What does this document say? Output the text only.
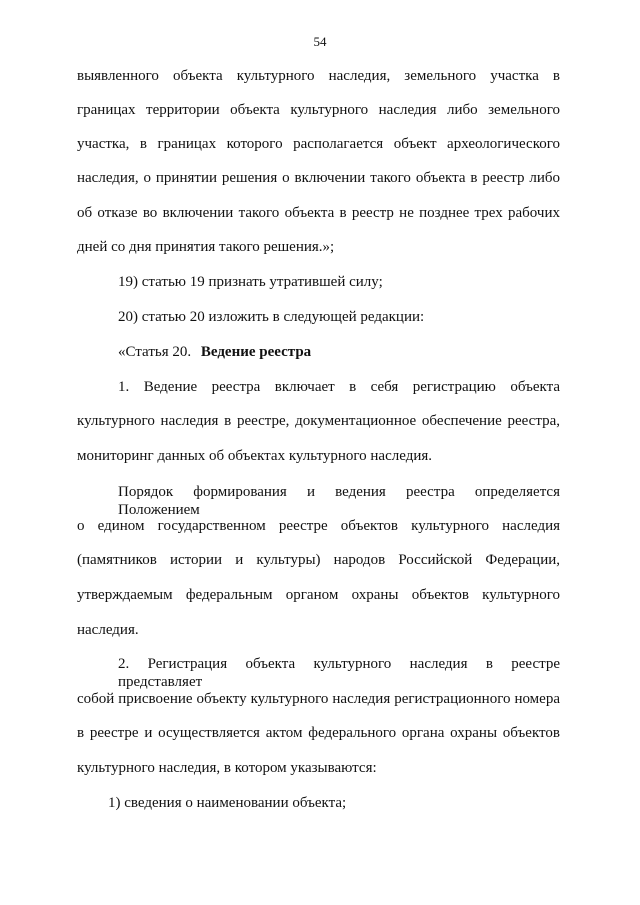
54
выявленного объекта культурного наследия, земельного участка в
границах территории объекта культурного наследия либо земельного
участка, в границах которого располагается объект археологического
наследия, о принятии решения о включении такого объекта в реестр либо
об отказе во включении такого объекта в реестр не позднее трех рабочих
дней со дня принятия такого решения.»;
19) статью 19 признать утратившей силу;
20) статью 20 изложить в следующей редакции:
«Статья 20. Ведение реестра
1. Ведение реестра включает в себя регистрацию объекта
культурного наследия в реестре, документационное обеспечение реестра,
мониторинг данных об объектах культурного наследия.
Порядок формирования и ведения реестра определяется Положением
о едином государственном реестре объектов культурного наследия
(памятников истории и культуры) народов Российской Федерации,
утверждаемым федеральным органом охраны объектов культурного
наследия.
2. Регистрация объекта культурного наследия в реестре представляет
собой присвоение объекту культурного наследия регистрационного номера
в реестре и осуществляется актом федерального органа охраны объектов
культурного наследия, в котором указываются:
1) сведения о наименовании объекта;
